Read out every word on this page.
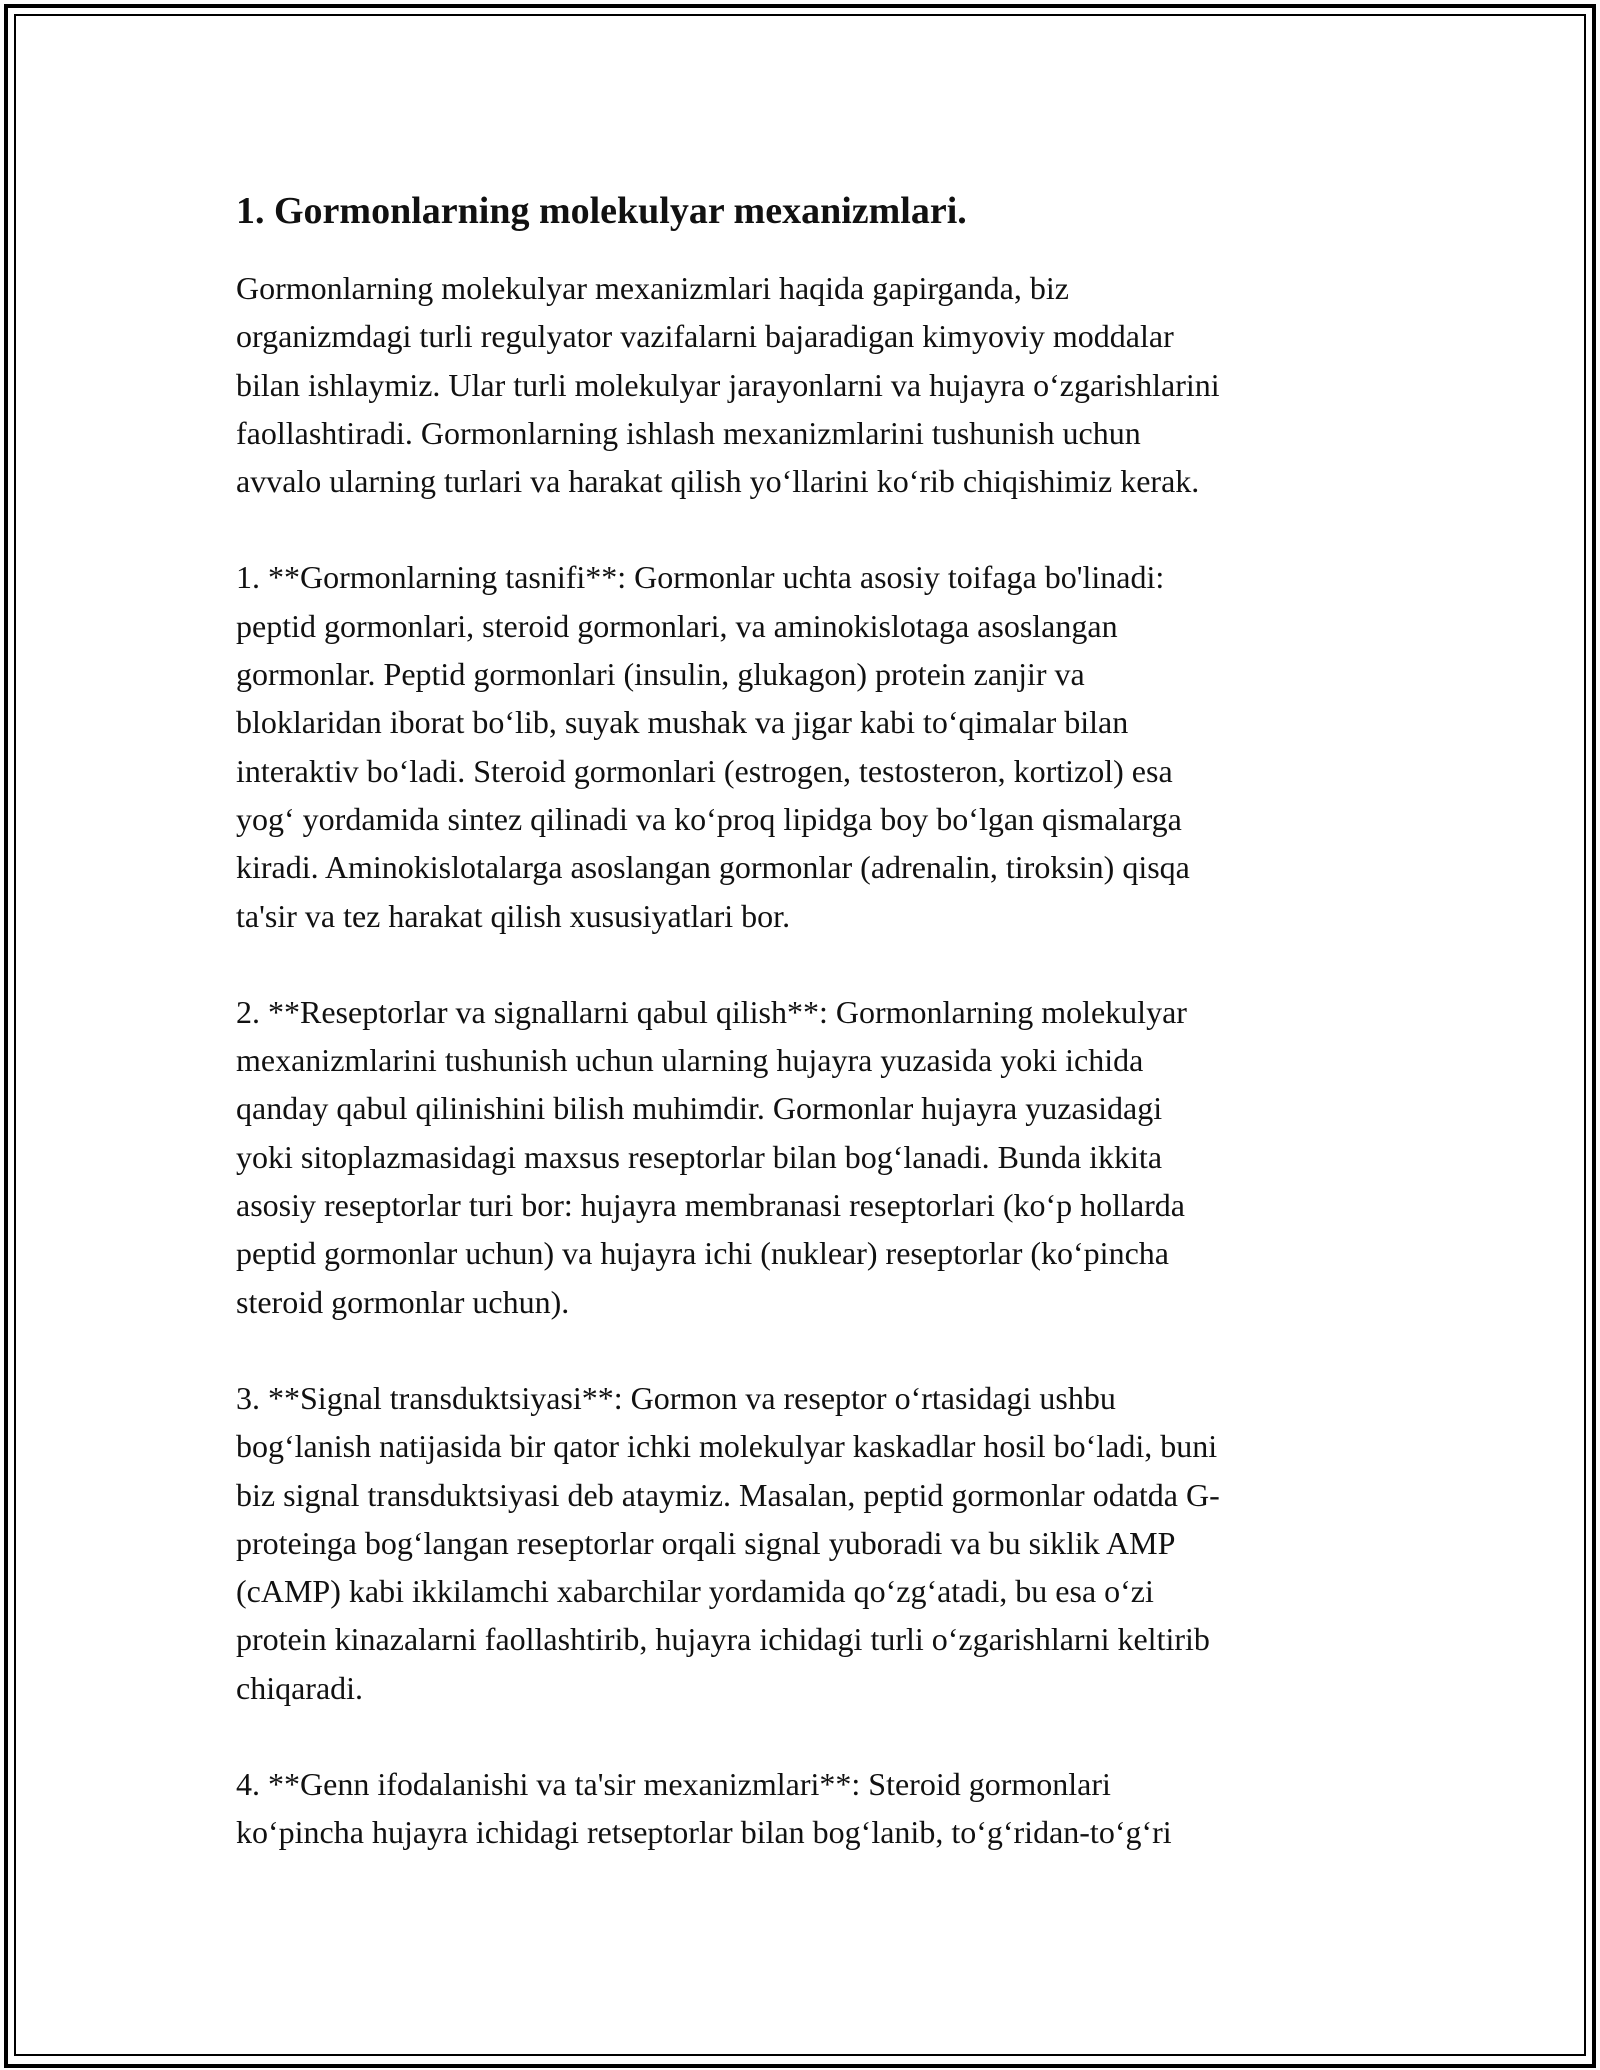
1. Gormonlarning molekulyar mexanizmlari.

Gormonlarning molekulyar mexanizmlari haqida gapirganda, biz
organizmdagi turli regulyator vazifalarni bajaradigan kimyoviy moddalar
bilan ishlaymiz. Ular turli molekulyar jarayonlarni va hujayra o‘zgarishlarini
faollashtiradi. Gormonlarning ishlash mexanizmlarini tushunish uchun
avvalo ularning turlari va harakat qilish yo‘llarini ko‘rib chiqishimiz kerak.

1. **Gormonlarning tasnifi**: Gormonlar uchta asosiy toifaga bo'linadi:
peptid gormonlari, steroid gormonlari, va aminokislotaga asoslangan
gormonlar. Peptid gormonlari (insulin, glukagon) protein zanjir va
bloklaridan iborat bo‘lib, suyak mushak va jigar kabi to‘qimalar bilan
interaktiv bo‘ladi. Steroid gormonlari (estrogen, testosteron, kortizol) esa
yog‘ yordamida sintez qilinadi va ko‘proq lipidga boy bo‘lgan qismalarga
kiradi. Aminokislotalarga asoslangan gormonlar (adrenalin, tiroksin) qisqa
ta'sir va tez harakat qilish xususiyatlari bor.

2. **Reseptorlar va signallarni qabul qilish**: Gormonlarning molekulyar
mexanizmlarini tushunish uchun ularning hujayra yuzasida yoki ichida
qanday qabul qilinishini bilish muhimdir. Gormonlar hujayra yuzasidagi
yoki sitoplazmasidagi maxsus reseptorlar bilan bog‘lanadi. Bunda ikkita
asosiy reseptorlar turi bor: hujayra membranasi reseptorlari (ko‘p hollarda
peptid gormonlar uchun) va hujayra ichi (nuklear) reseptorlar (ko‘pincha
steroid gormonlar uchun).

3. **Signal transduktsiyasi**: Gormon va reseptor o‘rtasidagi ushbu
bog‘lanish natijasida bir qator ichki molekulyar kaskadlar hosil bo‘ladi, buni
biz signal transduktsiyasi deb ataymiz. Masalan, peptid gormonlar odatda G-
proteinga bog‘langan reseptorlar orqali signal yuboradi va bu siklik AMP
(cAMP) kabi ikkilamchi xabarchilar yordamida qo‘zg‘atadi, bu esa o‘zi
protein kinazalarni faollashtirib, hujayra ichidagi turli o‘zgarishlarni keltirib
chiqaradi.

4. **Genn ifodalanishi va ta'sir mexanizmlari**: Steroid gormonlari
ko‘pincha hujayra ichidagi retseptorlar bilan bog‘lanib, to‘g‘ridan-to‘g‘ri
